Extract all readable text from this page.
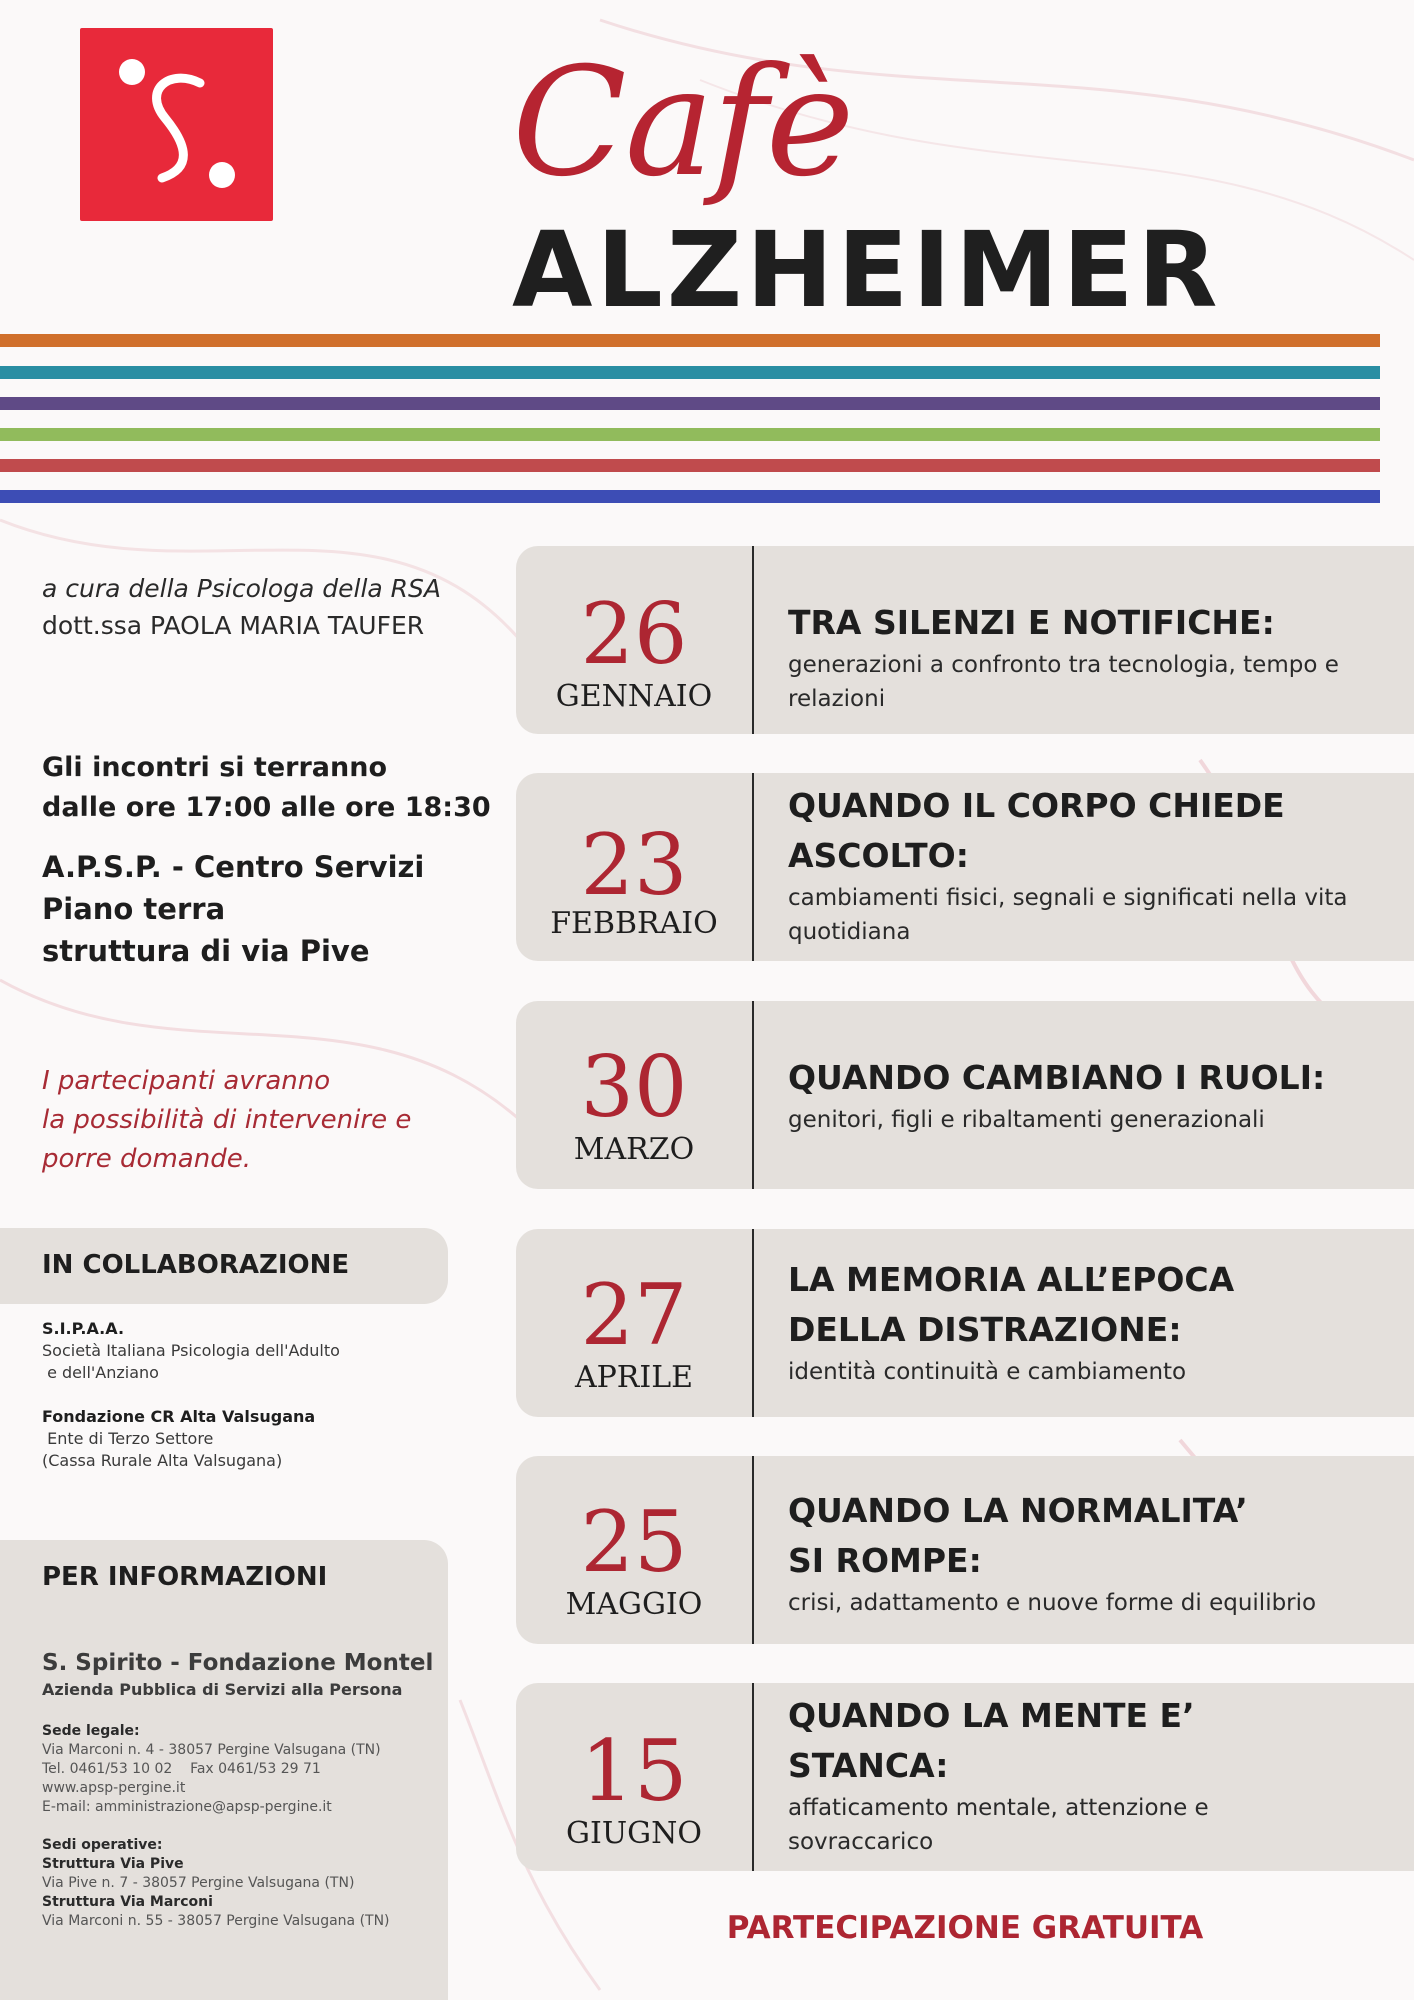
Cafè
ALZHEIMER
a cura della Psicologa della RSA
dott.ssa PAOLA MARIA TAUFER
Gli incontri si terranno
dalle ore 17:00 alle ore 18:30
A.P.S.P. - Centro Servizi
Piano terra
struttura di via Pive
I partecipanti avranno
la possibilità di intervenire e
porre domande.
IN COLLABORAZIONE
S.I.P.A.A.
Società Italiana Psicologia dell'Adulto
e dell'Anziano
Fondazione CR Alta Valsugana
Ente di Terzo Settore
(Cassa Rurale Alta Valsugana)
PER INFORMAZIONI
S. Spirito - Fondazione Montel
Azienda Pubblica di Servizi alla Persona
Sede legale:
Via Marconi n. 4 - 38057 Pergine Valsugana (TN)
Tel. 0461/53 10 02    Fax 0461/53 29 71
www.apsp-pergine.it
E-mail: amministrazione@apsp-pergine.it
Sedi operative:
Struttura Via Pive
Via Pive n. 7 - 38057 Pergine Valsugana (TN)
Struttura Via Marconi
Via Marconi n. 55 - 38057 Pergine Valsugana (TN)
26
GENNAIO
TRA SILENZI E NOTIFICHE:
generazioni a confronto tra tecnologia, tempo e
relazioni
23
FEBBRAIO
QUANDO IL CORPO CHIEDE
ASCOLTO:
cambiamenti fisici, segnali e significati nella vita
quotidiana
30
MARZO
QUANDO CAMBIANO I RUOLI:
genitori, figli e ribaltamenti generazionali
27
APRILE
LA MEMORIA ALL’EPOCA
DELLA DISTRAZIONE:
identità continuità e cambiamento
25
MAGGIO
QUANDO LA NORMALITA’
SI ROMPE:
crisi, adattamento e nuove forme di equilibrio
15
GIUGNO
QUANDO LA MENTE E’
STANCA:
affaticamento mentale, attenzione e
sovraccarico
PARTECIPAZIONE GRATUITA
